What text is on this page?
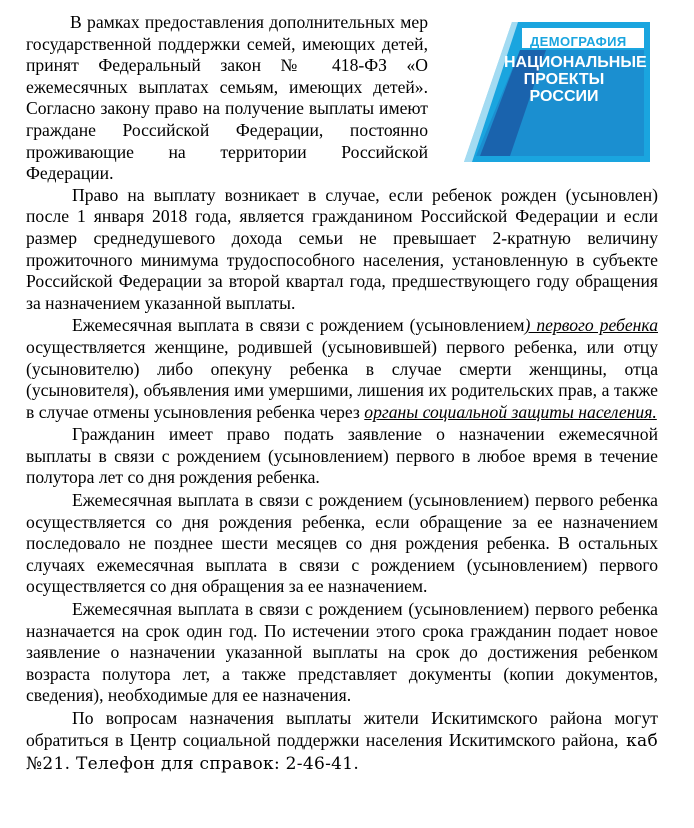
ДЕМОГРАФИЯ
НАЦИОНАЛЬНЫЕ
ПРОЕКТЫ
РОССИИ

В рамках предоставления дополнительных мер государственной поддержки семей, имеющих детей, принят Федеральный закон № 418-ФЗ «О ежемесячных выплатах семьям, имеющих детей». Согласно закону право на получение выплаты имеют граждане Российской Федерации, постоянно проживающие на территории Российской Федерации.

Право на выплату возникает в случае, если ребенок рожден (усыновлен) после 1 января 2018 года, является гражданином Российской Федерации и если размер среднедушевого дохода семьи не превышает 2-кратную величину прожиточного минимума трудоспособного населения, установленную в субъекте Российской Федерации за второй квартал года, предшествующего году обращения за назначением указанной выплаты.

Ежемесячная выплата в связи с рождением (усыновлением) первого ребенка осуществляется женщине, родившей (усыновившей) первого ребенка, или отцу (усыновителю) либо опекуну ребенка в случае смерти женщины, отца (усыновителя), объявления ими умершими, лишения их родительских прав, а также в случае отмены усыновления ребенка через органы социальной защиты населения.

Гражданин имеет право подать заявление о назначении ежемесячной выплаты в связи с рождением (усыновлением) первого в любое время в течение полутора лет со дня рождения ребенка.

Ежемесячная выплата в связи с рождением (усыновлением) первого ребенка осуществляется со дня рождения ребенка, если обращение за ее назначением последовало не позднее шести месяцев со дня рождения ребенка. В остальных случаях ежемесячная выплата в связи с рождением (усыновлением) первого осуществляется со дня обращения за ее назначением.

Ежемесячная выплата в связи с рождением (усыновлением) первого ребенка назначается на срок один год. По истечении этого срока гражданин подает новое заявление о назначении указанной выплаты на срок до достижения ребенком возраста полутора лет, а также представляет документы (копии документов, сведения), необходимые для ее назначения.

По вопросам назначения выплаты жители Искитимского района могут обратиться в Центр социальной поддержки населения Искитимского района, каб №21. Телефон для справок: 2-46-41.
